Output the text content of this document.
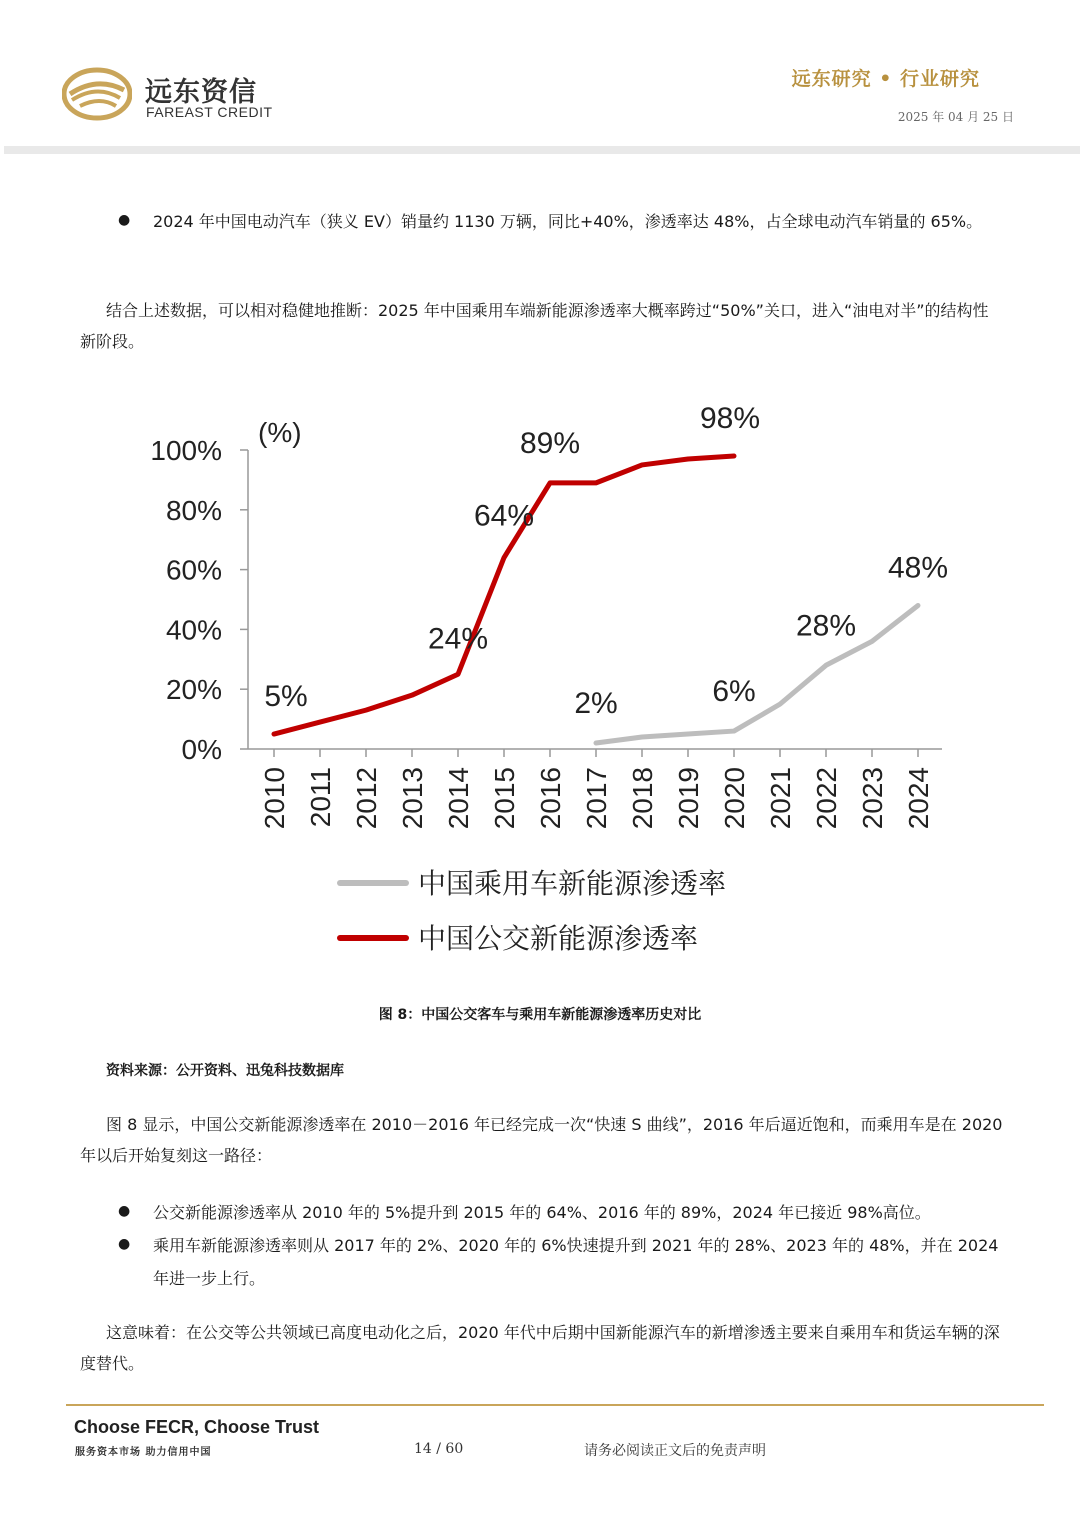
远东资信
FAREAST CREDIT
远东研究 • 行业研究
2025 年 04 月 25 日
● 2024 年中国电动汽车（狭义 EV）销量约 1130 万辆，同比+40%，渗透率达 48%，占全球电动汽车销量的 65%。
结合上述数据，可以相对稳健地推断：2025 年中国乘用车端新能源渗透率大概率跨过“50%”关口，进入“油电对半”的结构性新阶段。
0%
20%
40%
60%
80%
100%
(%)
2010 2011 2012 2013 2014 2015 2016 2017 2018 2019 2020 2021 2022 2023 2024
2%	6%
28%
48%
5%
24%
64%
89%
98%
中国乘用车新能源渗透率
中国公交新能源渗透率
图 8：中国公交客车与乘用车新能源渗透率历史对比
资料来源：公开资料、迅兔科技数据库
图 8 显示，中国公交新能源渗透率在 2010－2016 年已经完成一次“快速 S 曲线”，2016 年后逼近饱和，而乘用车是在 2020 年以后开始复刻这一路径：
● 公交新能源渗透率从 2010 年的 5%提升到 2015 年的 64%、2016 年的 89%，2024 年已接近 98%高位。
● 乘用车新能源渗透率则从 2017 年的 2%、2020 年的 6%快速提升到 2021 年的 28%、2023 年的 48%，并在 2024 年进一步上行。
这意味着：在公交等公共领域已高度电动化之后，2020 年代中后期中国新能源汽车的新增渗透主要来自乘用车和货运车辆的深度替代。
Choose FECR, Choose Trust
服务资本市场 助力信用中国	14 / 60	请务必阅读正文后的免责声明
